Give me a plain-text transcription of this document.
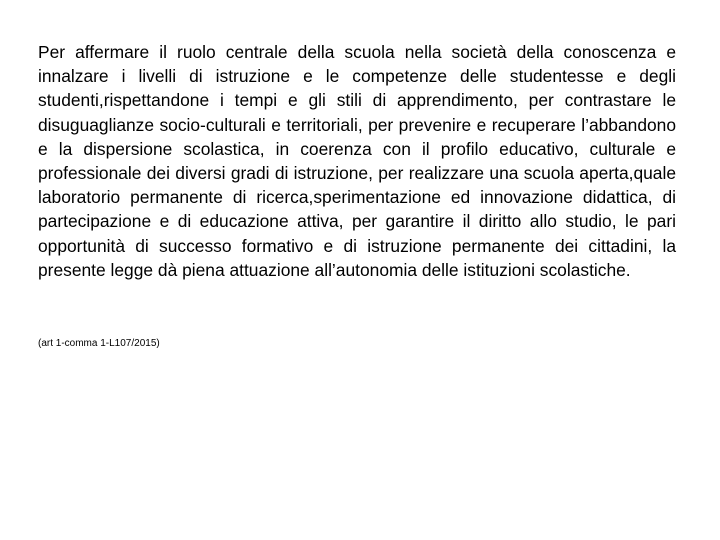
Per affermare il ruolo centrale della scuola nella società della conoscenza e innalzare i livelli di istruzione e le competenze delle studentesse e degli studenti,rispettandone i tempi e gli stili di apprendimento, per contrastare le disuguaglianze socio-culturali e territoriali, per prevenire e recuperare l’abbandono e la dispersione scolastica, in coerenza con il profilo educativo, culturale e professionale dei diversi gradi di istruzione, per realizzare una scuola aperta,quale laboratorio permanente di ricerca,sperimentazione ed innovazione didattica, di partecipazione e di educazione attiva, per garantire il diritto allo studio, le pari opportunità di successo formativo e di istruzione permanente dei cittadini, la presente legge dà piena attuazione all’autonomia delle istituzioni scolastiche.

(art 1-comma 1-L107/2015)
